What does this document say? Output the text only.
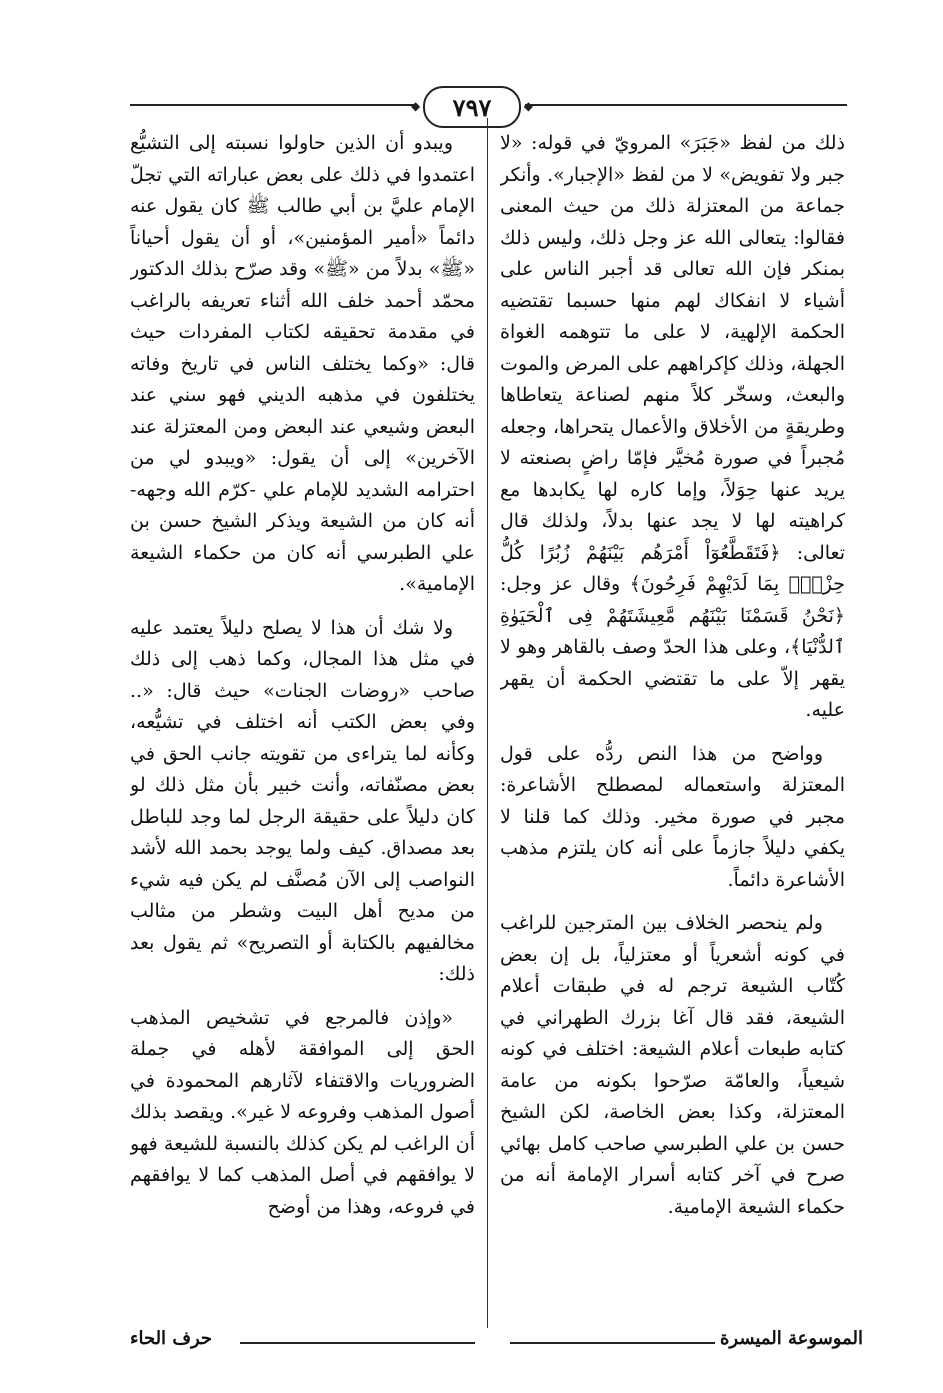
◆ ٧٩٧
◆

ذلك من لفظ «جَبَرَ» المرويّ في قوله: «لا جبر ولا تفويض» لا من لفظ «الإجبار». وأنكر جماعة من المعتزلة ذلك من حيث المعنى فقالوا: يتعالى الله عز وجل ذلك، وليس ذلك بمنكر فإن الله تعالى قد أجبر الناس على أشياء لا انفكاك لهم منها حسبما تقتضيه الحكمة الإلهية، لا على ما تتوهمه الغواة الجهلة، وذلك كإكراههم على المرض والموت والبعث، وسخّر كلاً منهم لصناعة يتعاطاها وطريقةٍ من الأخلاق والأعمال يتحراها، وجعله مُجبراً في صورة مُخيَّر فإمّا راضٍ بصنعته لا يريد عنها حِوَلاً، وإما كاره لها يكابدها مع كراهيته لها لا يجد عنها بدلاً، ولذلك قال تعالى: ﴿فَتَقَطَّعُوٓاْ أَمْرَهُم بَيْنَهُمْ زُبُرًا كُلُّ حِزْبٍۭ بِمَا لَدَيْهِمْ فَرِحُونَ﴾ وقال عز وجل: ﴿نَحْنُ قَسَمْنَا بَيْنَهُم مَّعِيشَتَهُمْ فِى ٱلْحَيَوٰةِ ٱلدُّنْيَا﴾، وعلى هذا الحدّ وصف بالقاهر وهو لا يقهر إلاّ على ما تقتضي الحكمة أن يقهر عليه.

وواضح من هذا النص ردُّه على قول المعتزلة واستعماله لمصطلح الأشاعرة: مجبر في صورة مخير. وذلك كما قلنا لا يكفي دليلاً جازماً على أنه كان يلتزم مذهب الأشاعرة دائماً.

ولم ينحصر الخلاف بين المترجين للراغب في كونه أشعرياً أو معتزلياً، بل إن بعض كُتّاب الشيعة ترجم له في طبقات أعلام الشيعة، فقد قال آغا بزرك الطهراني في كتابه طبعات أعلام الشيعة: اختلف في كونه شيعياً، والعامّة صرّحوا بكونه من عامة المعتزلة، وكذا بعض الخاصة، لكن الشيخ حسن بن علي الطبرسي صاحب كامل بهائي صرح في آخر كتابه أسرار الإمامة أنه من حكماء الشيعة الإمامية.

ويبدو أن الذين حاولوا نسبته إلى التشيُّع اعتمدوا في ذلك على بعض عباراته التي تجلّ الإمام عليَّ بن أبي طالب ﷺ كان يقول عنه دائماً «أمير المؤمنين»، أو أن يقول أحياناً «ﷺ» بدلاً من «ﷺ» وقد صرّح بذلك الدكتور محمّد أحمد خلف الله أثناء تعريفه بالراغب في مقدمة تحقيقه لكتاب المفردات حيث قال: «وكما يختلف الناس في تاريخ وفاته يختلفون في مذهبه الديني فهو سني عند البعض وشيعي عند البعض ومن المعتزلة عند الآخرين» إلى أن يقول: «ويبدو لي من احترامه الشديد للإمام علي -كرّم الله وجهه- أنه كان من الشيعة ويذكر الشيخ حسن بن علي الطبرسي أنه كان من حكماء الشيعة الإمامية».

ولا شك أن هذا لا يصلح دليلاً يعتمد عليه في مثل هذا المجال، وكما ذهب إلى ذلك صاحب «روضات الجنات» حيث قال: «.. وفي بعض الكتب أنه اختلف في تشيُّعه، وكأنه لما يتراءى من تقويته جانب الحق في بعض مصنّفاته، وأنت خبير بأن مثل ذلك لو كان دليلاً على حقيقة الرجل لما وجد للباطل بعد مصداق. كيف ولما يوجد بحمد الله لأشد النواصب إلى الآن مُصنَّف لم يكن فيه شيء من مديح أهل البيت وشطر من مثالب مخالفيهم بالكتابة أو التصريح» ثم يقول بعد ذلك:

«وإذن فالمرجع في تشخيص المذهب الحق إلى الموافقة لأهله في جملة الضروريات والاقتفاء لآثارهم المحمودة في أصول المذهب وفروعه لا غير». ويقصد بذلك أن الراغب لم يكن كذلك بالنسبة للشيعة فهو لا يوافقهم في أصل المذهب كما لا يوافقهم في فروعه، وهذا من أوضح

الموسوعة الميسرة
حرف الحاء
